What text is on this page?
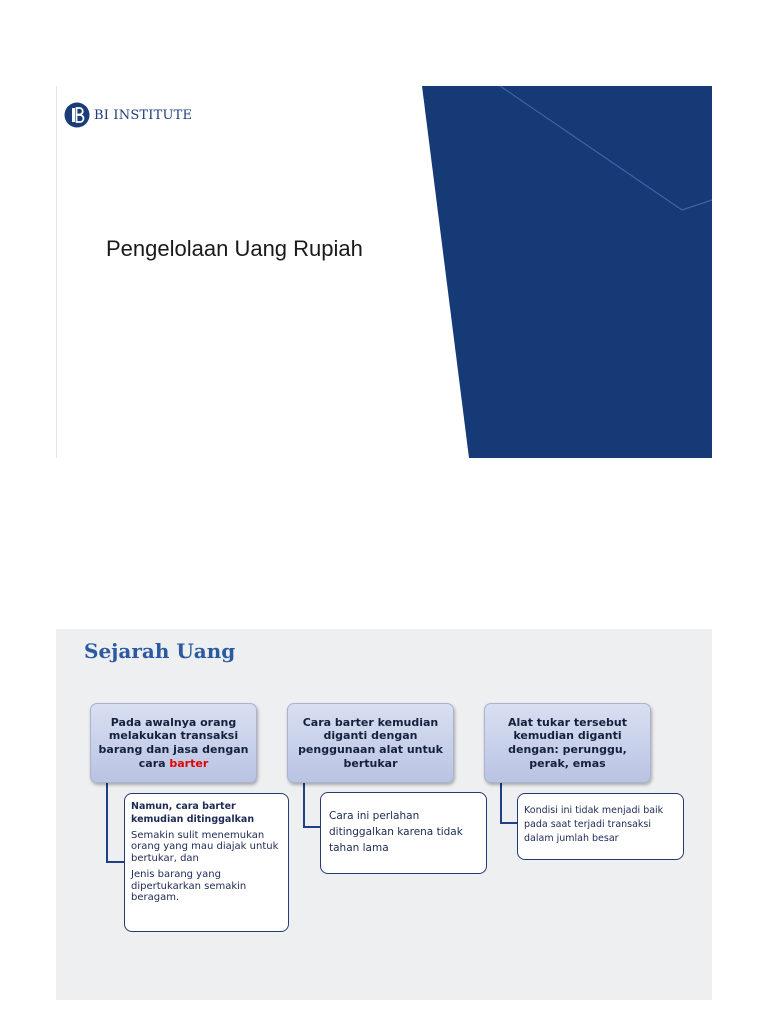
BI INSTITUTE
Pengelolaan Uang Rupiah
Sejarah Uang
Pada awalnya orang melakukan transaksi barang dan jasa dengan cara barter
Cara barter kemudian diganti dengan penggunaan alat untuk bertukar
Alat tukar tersebut kemudian diganti dengan: perunggu, perak, emas

Namun, cara barter kemudian ditinggalkan

Semakin sulit menemukan orang yang mau diajak untuk bertukar, dan

Jenis barang yang dipertukarkan semakin beragam.

Cara ini perlahan ditinggalkan karena tidak tahan lama

Kondisi ini tidak menjadi baik pada saat terjadi transaksi dalam jumlah besar
